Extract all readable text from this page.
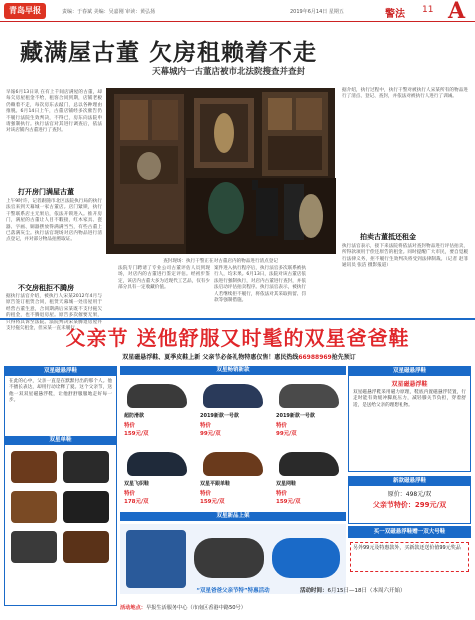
青岛早报	责编：于春斌 美编：吴嘉刚 审读：黄弘扬	2019年6月14日 星期五	警法 11 A
藏满屋古董 欠房租赖着不走
天幕城内一古董店被市北法院搜查并查封
早報6月13日讯 在有上千间店满屋的古董，却每欠房屋租金不给，租客合同到期，店铺老板仍赖着不走，每次房东去敲门，总以各种理由推脱。6月14日上午，古董店铺经多次催告仍不履行法院生效判决，不得已，房东向法院申请强制执行。执行法官对其进行调查后，依法对该店铺内古董进行了查封。
打开房门满屋古董
上午9时许，记者跟随市北区法院执行局的执行法官来到天幕城一家古董店。店门紧锁，执行干警联系店主无果后，依法开锁进入。推开房门，满屋的古董让人目不暇接，红木家具、瓷器、字画、铜器摆放得满满当当，有些古董上已落满灰尘。执行法官现场对店内物品进行清点登记，并对部分物品拍照取证。
不交房租拒不腾房
据执行法官介绍，被执行人宋某2012年4月与原告签订租赁合同，租赁天幕城一处房屋用于经营古董生意，合同期满后宋某既不支付拖欠的租金，也不腾退房屋。原告多次催要无果，只得将其诉至法院。法院判决宋某腾退房屋并支付拖欠租金，但宋某一直未履行。
查封现场：执行干警正在对古董店内的物品进行清点登记
法院专门聘请了专业公司古董评估人员到现场，对店内的古董进行鉴定评估。经初步鉴定，该店内古董大多为近现代工艺品，仅有少部分具有一定收藏价值。
案件进入执行程序后，执行法官多次联系被执行人，均未果。6月13日，法院对该古董店依法进行强制执行，对店内古董进行查封，并依法启动评估拍卖程序。执行法官表示，被执行人若继续拒不履行，将依法对其采取拘留、罚款等强制措施。
据介绍，执行过程中，执行干警对被执行人宋某所有的物品进行了清点、登记、查封，并依法对被执行人进行了训诫。
拍卖古董抵还租金
执行法官表示，接下来法院将依法对查封物品进行评估拍卖，所得款项用于偿还原告的租金。同时提醒广大市民，要自觉履行法律义务，拒不履行生效判决将受到法律制裁。（记者 赵菲 通讯员 张洁 摄影报道）
父亲节 送他舒服又时髦的双星爸爸鞋
双星磁悬浮鞋、夏季皮鞋上新 父亲节必备礼物特惠仅售！惠民热线66988969抢先预订
双星磁悬浮鞋
在此的心中，父亲一直是在默默付出的那个人。他不擅长表达，却用行动诠释了爱。这个父亲节，送他一双双星磁悬浮鞋，让他舒舒服服地走好每一步。
双星单鞋
双星畅销新款
超防滑款
特价
159元/双
2019新款一号款
特价
99元/双
2019新款一号款
特价
99元/双
双星飞织鞋
特价
178元/双
双星平跟单鞋
特价
159元/双
双星网鞋
特价
159元/双
双星新品上架
双星磁悬浮鞋
双星磁悬浮鞋
双星磁悬浮鞋采用磁力原理，鞋底内置磁悬浮装置，行走时能有效缓冲脚底压力，减轻膝关节负担，穿着舒适，是送给父亲的理想礼物。
新款磁悬浮鞋
原价：498元/双
父亲节特价：299元/双
买一双磁悬浮鞋赠一双大号鞋
另外99元及特惠款外，买新款还送价值99元奖品
“双星爸爸父亲节特”特惠活动	活动时间：6月15日—18日（本周六开始）
活动地点：早报生活服务中心（市南区香港中路50号）
